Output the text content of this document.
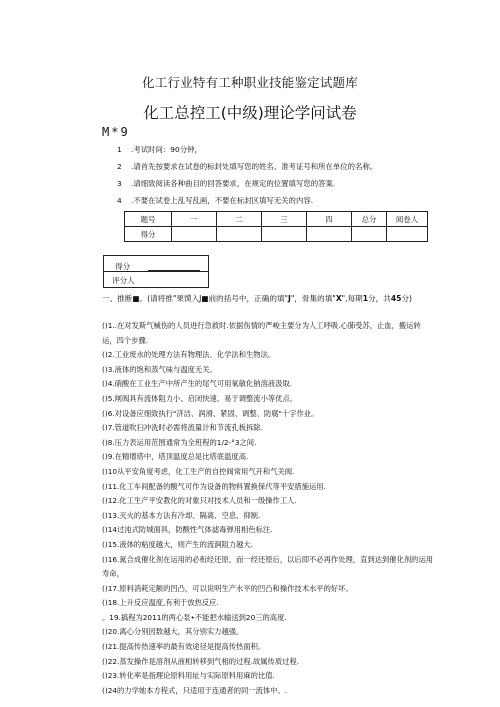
化工行业特有工种职业技能鉴定试题库
化工总控工(中级)理论学问试卷
M*9
1 .考试时间：90分钟，
2 .请首先按要求在试卷的标封处填写您的姓名、准考证号和所在单位的名称。
3 .请细致阅读各种曲目的回答要求，在规定的位置填写您的答案.
4 .不要在试卷上乱写乱画，不要在标封区填写无关的内容.
题号	一	二	三	四	总分	阅卷人
得分						
得分
评分人
一、推断■。(请将推"果馍入J■前的括号中，正确的填"J"，骨集的填"X",每期1分，共45分)
()1..在对发斯气械伤的人员进行急救时.依据伤情的严峻主要分为人工呼吸.心肺受苏，止血，搬运转运，四个步骤.
()2.工业废水的处理方法有物理法、化学法和生物法。
()3.液体的饱和蒸气味与温度无关。
()4.硝酸在工业生产中所产生的尾气可用氧敏化钠溶液汲取.
()5.闸阀具有流体阻力小、启闭快速、易于调整流小等优点。
()6.对设备应细致执行"济洁、润滑、紧固、调整、防腐"十字作业。
()7.管道吹扫冲洗时必需将流量计和节流孔板拆除.
()8.压力表运用范围通常为全班程的1/2-°3之间.
()9.在精增塔中，塔顶温度总是比塔底温度高.
()10从平安角度考虑，化工生产的自控阀常用气开和气关阀.
()11.化工车间配备的酸气可作为设备的物料置换保代等平安措施运用.
()12.化工生产平安教化的对象只对技术人员和一级操作工人.
()13.灭火的基本方法有冷却、隔离、空息、抑制.
()14过沌式防城面具，防酸性气体滤毒弹用相色标注.
()15.液体的粘度越大，则产生的流涧阻力越大.
()16.氮合成催化剂在运用的必衔经还原，而一经还原后，以后即不必再作处理，直到达到催化剂的运用寿命，
()17.原料消耗定额的凹凸，可以说明生产水平的凹凸和操作技术水平的好坏。
()18.上升反应温度,有利于放热反应.
。19.搞程为2011的两心泵•不能把水输送到20三的高度.
()20.离心分别因数越大，其分别实力越强。
()21.提高传热速率的最有效途径是提高传热面积。
()22.蒸发操作是溶剂从液相转移到气相的过程.故属传质过程.
()23.转化率是指理论原料用址与实际原料用麻的比值.
()24的力学她本方程式，只适用于连通者的同一流体中。.
